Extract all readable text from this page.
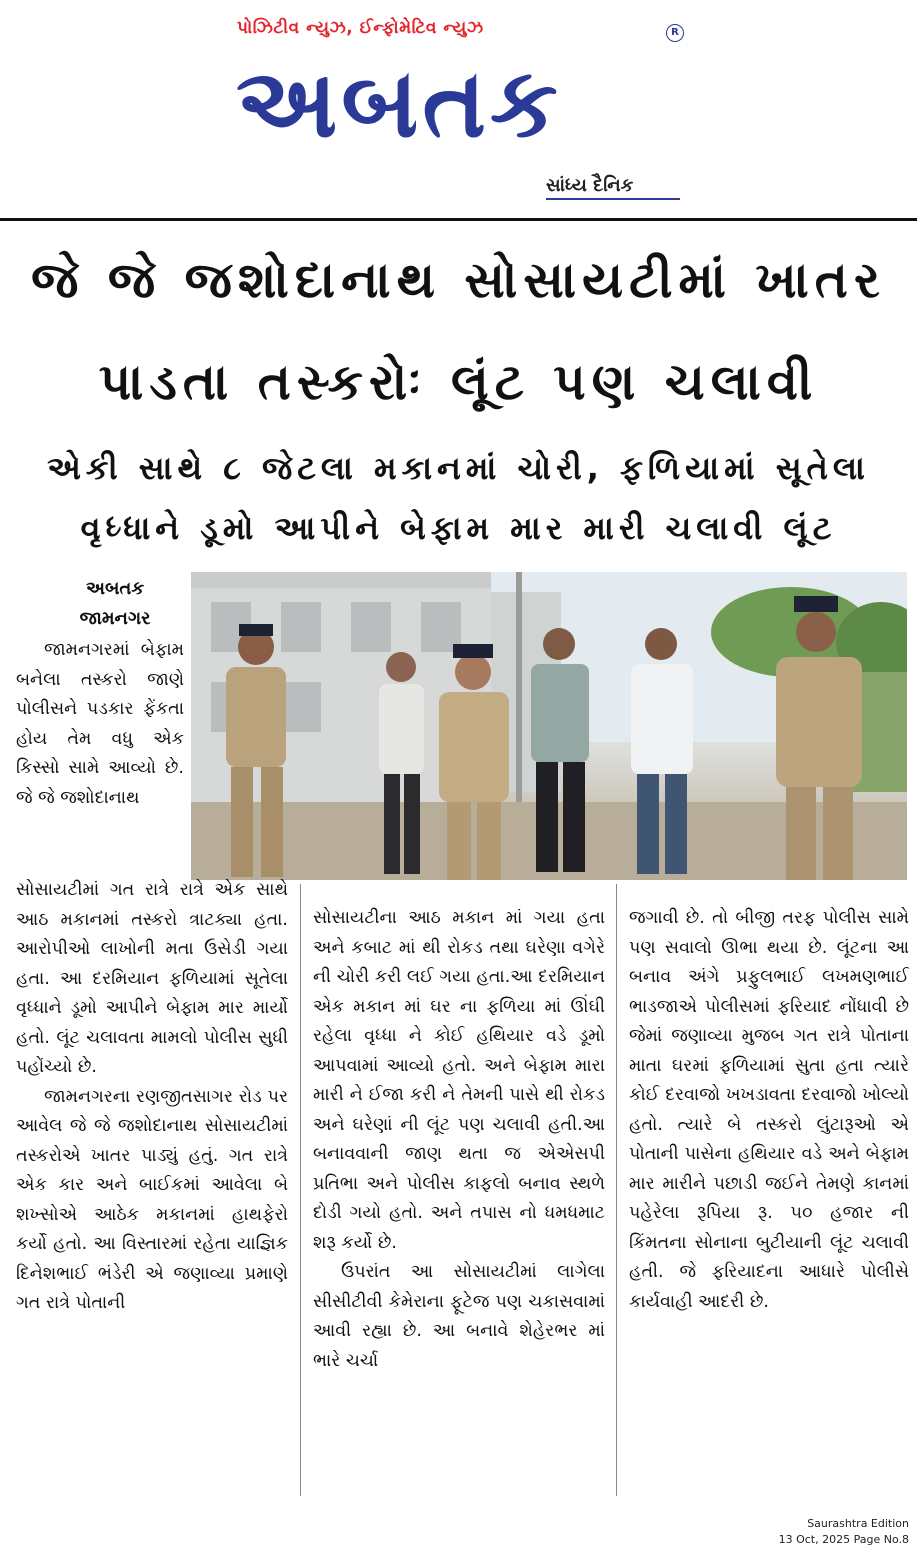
પોઝિટીવ ન્યુઝ, ઈન્ફોમેટિવ ન્યુઝ	R
અબતક
સાંધ્ય દૈનિક
જે જે જશોદાનાથ સોસાયટીમાં ખાતર
પાડતા તસ્કરોઃ લૂંટ પણ ચલાવી
એકી સાથે ૮ જેટલા મકાનમાં ચોરી, ફળિયામાં સૂતેલા
વૃધ્ધાને ડૂમો આપીને બેફામ માર મારી ચલાવી લૂંટ
અબતક
જામનગર

જામનગરમાં બેફામ બનેલા તસ્કરો જાણે પોલીસને પડકાર ફેંકતા હોય તેમ વધુ એક કિસ્સો સામે આવ્યો છે. જે જે જશોદાનાથ

સોસાયટીમાં ગત રાત્રે રાત્રે એક સાથે આઠ મકાનમાં તસ્કરો ત્રાટક્યા હતા. આરોપીઓ લાખોની મતા ઉસેડી ગયા હતા. આ દરમિયાન ફળિયામાં સૂતેલા વૃધ્ધાને ડૂમો આપીને બેફામ માર માર્યો હતો. લૂંટ ચલાવતા મામલો પોલીસ સુધી પહોંચ્યો છે.

જામનગરના રણજીતસાગર રોડ પર આવેલ જે જે જશોદાનાથ સોસાયટીમાં તસ્કરોએ ખાતર પાડ્યું હતું. ગત રાત્રે એક કાર અને બાઈકમાં આવેલા બે શખ્સોએ આઠેક મકાનમાં હાથફેરો કર્યો હતો. આ વિસ્તારમાં રહેતા યાજ્ઞિક દિનેશભાઈ ભંડેરી એ જણાવ્યા પ્રમાણે ગત રાત્રે પોતાની

સોસાયટીના આઠ મકાન માં ગયા હતા અને કબાટ માં થી રોકડ તથા ઘરેણા વગેરે ની ચોરી કરી લઈ ગયા હતા.આ દરમિયાન એક મકાન માં ઘર ના ફળિયા માં ઊંઘી રહેલા વૃધ્ધા ને કોઈ હથિયાર વડે ડૂમો આપવામાં આવ્યો હતો. અને બેફામ મારા મારી ને ઈજા કરી ને તેમની પાસે થી રોકડ અને ઘરેણાં ની લૂંટ પણ ચલાવી હતી.આ બનાવવાની જાણ થતા જ એએસપી પ્રતિભા અને પોલીસ કાફલો બનાવ સ્થળે દોડી ગયો હતો. અને તપાસ નો ધમધમાટ શરૂ કર્યો છે.

ઉપરાંત આ સોસાયટીમાં લાગેલા સીસીટીવી કેમેરાના ફૂટેજ પણ ચકાસવામાં આવી રહ્યા છે. આ બનાવે શેહેરભર માં ભારે ચર્ચા

જગાવી છે. તો બીજી તરફ પોલીસ સામે પણ સવાલો ઊભા થયા છે. લૂંટના આ બનાવ અંગે પ્રફુલભાઈ લખમણભાઈ ભાડજાએ પોલીસમાં ફરિયાદ નોંધાવી છે જેમાં જણાવ્યા મુજબ ગત રાત્રે પોતાના માતા ઘરમાં ફળિયામાં સુતા હતા ત્યારે કોઈ દરવાજો ખખડાવતા દરવાજો ખોલ્યો હતો. ત્યારે બે તસ્કરો લુંટારૂઓ એ પોતાની પાસેના હથિયાર વડે અને બેફામ માર મારીને પછાડી જઈને તેમણે કાનમાં પહેરેલા રૂપિયા રૂ. ૫૦ હજાર ની કિંમતના સોનાના બુટીયાની લૂંટ ચલાવી હતી. જે ફરિયાદના આધારે પોલીસે કાર્યવાહી આદરી છે.

Saurashtra Edition
13 Oct, 2025 Page No.8
